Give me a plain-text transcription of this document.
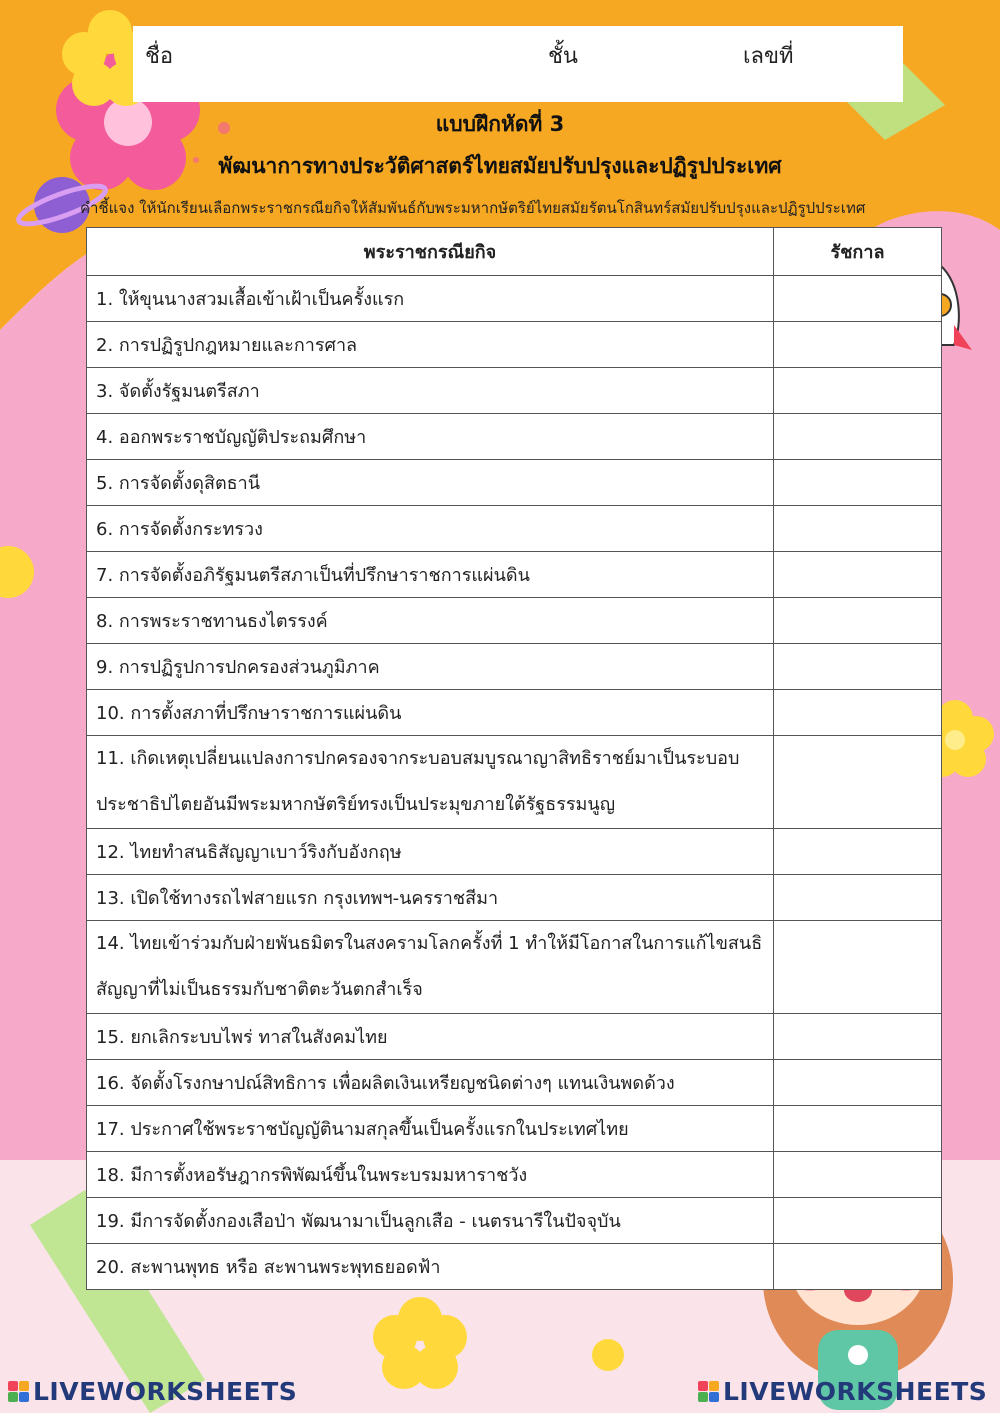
ชื่อ	ชั้น	เลขที่
แบบฝึกหัดที่ 3
พัฒนาการทางประวัติศาสตร์ไทยสมัยปรับปรุงและปฏิรูปประเทศ
คำชี้แจง ให้นักเรียนเลือกพระราชกรณียกิจให้สัมพันธ์กับพระมหากษัตริย์ไทยสมัยรัตนโกสินทร์สมัยปรับปรุงและปฏิรูปประเทศ
พระราชกรณียกิจ	รัชกาล
1. ให้ขุนนางสวมเสื้อเข้าเฝ้าเป็นครั้งแรก	
2. การปฏิรูปกฎหมายและการศาล	
3. จัดตั้งรัฐมนตรีสภา	
4. ออกพระราชบัญญัติประถมศึกษา	
5. การจัดตั้งดุสิตธานี	
6. การจัดตั้งกระทรวง	
7. การจัดตั้งอภิรัฐมนตรีสภาเป็นที่ปรึกษาราชการแผ่นดิน	
8. การพระราชทานธงไตรรงค์	
9. การปฏิรูปการปกครองส่วนภูมิภาค	
10. การตั้งสภาที่ปรึกษาราชการแผ่นดิน	
11. เกิดเหตุเปลี่ยนแปลงการปกครองจากระบอบสมบูรณาญาสิทธิราชย์มาเป็นระบอบประชาธิปไตยอันมีพระมหากษัตริย์ทรงเป็นประมุขภายใต้รัฐธรรมนูญ	
12. ไทยทำสนธิสัญญาเบาว์ริงกับอังกฤษ	
13. เปิดใช้ทางรถไฟสายแรก กรุงเทพฯ-นครราชสีมา	
14. ไทยเข้าร่วมกับฝ่ายพันธมิตรในสงครามโลกครั้งที่ 1 ทำให้มีโอกาสในการแก้ไขสนธิสัญญาที่ไม่เป็นธรรมกับชาติตะวันตกสำเร็จ	
15. ยกเลิกระบบไพร่ ทาสในสังคมไทย	
16. จัดตั้งโรงกษาปณ์สิทธิการ เพื่อผลิตเงินเหรียญชนิดต่างๆ แทนเงินพดด้วง	
17. ประกาศใช้พระราชบัญญัตินามสกุลขึ้นเป็นครั้งแรกในประเทศไทย	
18. มีการตั้งหอรัษฎากรพิพัฒน์ขึ้นในพระบรมมหาราชวัง	
19. มีการจัดตั้งกองเสือป่า พัฒนามาเป็นลูกเสือ - เนตรนารีในปัจจุบัน	
20. สะพานพุทธ หรือ สะพานพระพุทธยอดฟ้า	
LIVEWORKSHEETS	LIVEWORKSHEETS
